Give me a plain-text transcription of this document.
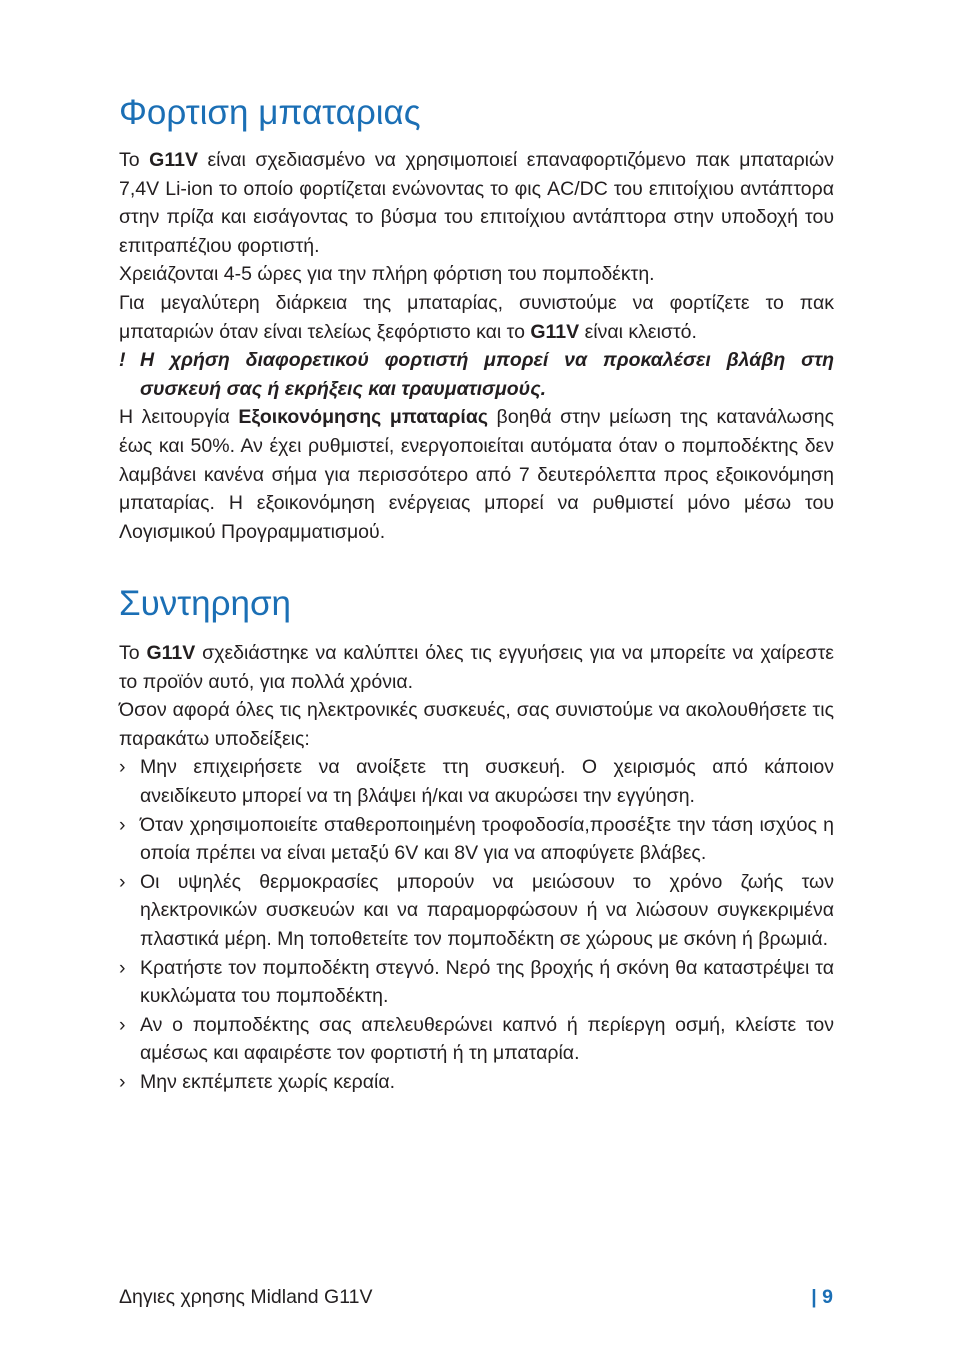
Φορτιση μπαταριας

Το G11V είναι σχεδιασμένο να χρησιμοποιεί επαναφορτιζόμενο πακ μπαταριών 7,4V Li-ion το οποίο φορτίζεται ενώνοντας το φις AC/DC του επιτοίχιου αντάπτορα στην πρίζα και εισάγοντας το βύσμα του επιτοίχιου αντάπτορα στην υποδοχή του επιτραπέζιου φορτιστή.

Χρειάζονται 4-5 ώρες για την πλήρη φόρτιση του πομποδέκτη.

Για μεγαλύτερη διάρκεια της μπαταρίας, συνιστούμε να φορτίζετε το πακ μπαταριών όταν είναι τελείως ξεφόρτιστο και το G11V είναι κλειστό.

! Η χρήση διαφορετικού φορτιστή μπορεί να προκαλέσει βλάβη στη συσκευή σας ή εκρήξεις και τραυματισμούς.

Η λειτουργία Εξοικονόμησης μπαταρίας βοηθά στην μείωση της κατανάλωσης έως και 50%. Αν έχει ρυθμιστεί, ενεργοποιείται αυτόματα όταν ο πομποδέκτης δεν λαμβάνει κανένα σήμα για περισσότερο από 7 δευτερόλεπτα προς εξοικονόμηση μπαταρίας. Η εξοικονόμηση ενέργειας μπορεί να ρυθμιστεί μόνο μέσω του Λογισμικού Προγραμματισμού.

Συντηρηση

Το G11V σχεδιάστηκε να καλύπτει όλες τις εγγυήσεις για να μπορείτε να χαίρεστε το προϊόν αυτό, για πολλά χρόνια.

Όσον αφορά όλες τις ηλεκτρονικές συσκευές, σας συνιστούμε να ακολουθήσετε τις παρακάτω υποδείξεις:

› Μην επιχειρήσετε να ανοίξετε ττη συσκευή. Ο χειρισμός από κάποιον ανειδίκευτο μπορεί να τη βλάψει ή/και να ακυρώσει την εγγύηση.
› Όταν χρησιμοποιείτε σταθεροποιημένη τροφοδοσία,προσέξτε την τάση ισχύος η οποία πρέπει να είναι μεταξύ 6V και 8V για να αποφύγετε βλάβες.
› Οι υψηλές θερμοκρασίες μπορούν να μειώσουν το χρόνο ζωής των ηλεκτρονικών συσκευών και να παραμορφώσουν ή να λιώσουν συγκεκριμένα πλαστικά μέρη. Μη τοποθετείτε τον πομποδέκτη σε χώρους με σκόνη ή βρωμιά.
› Κρατήστε τον πομποδέκτη στεγνό. Νερό της βροχής ή σκόνη θα καταστρέψει τα κυκλώματα του πομποδέκτη.
› Αν ο πομποδέκτης σας απελευθερώνει καπνό ή περίεργη οσμή, κλείστε τον αμέσως και αφαιρέστε τον φορτιστή ή τη μπαταρία.
› Μην εκπέμπετε χωρίς κεραία.
Δηγιες χρησης Midland G11V	| 9
